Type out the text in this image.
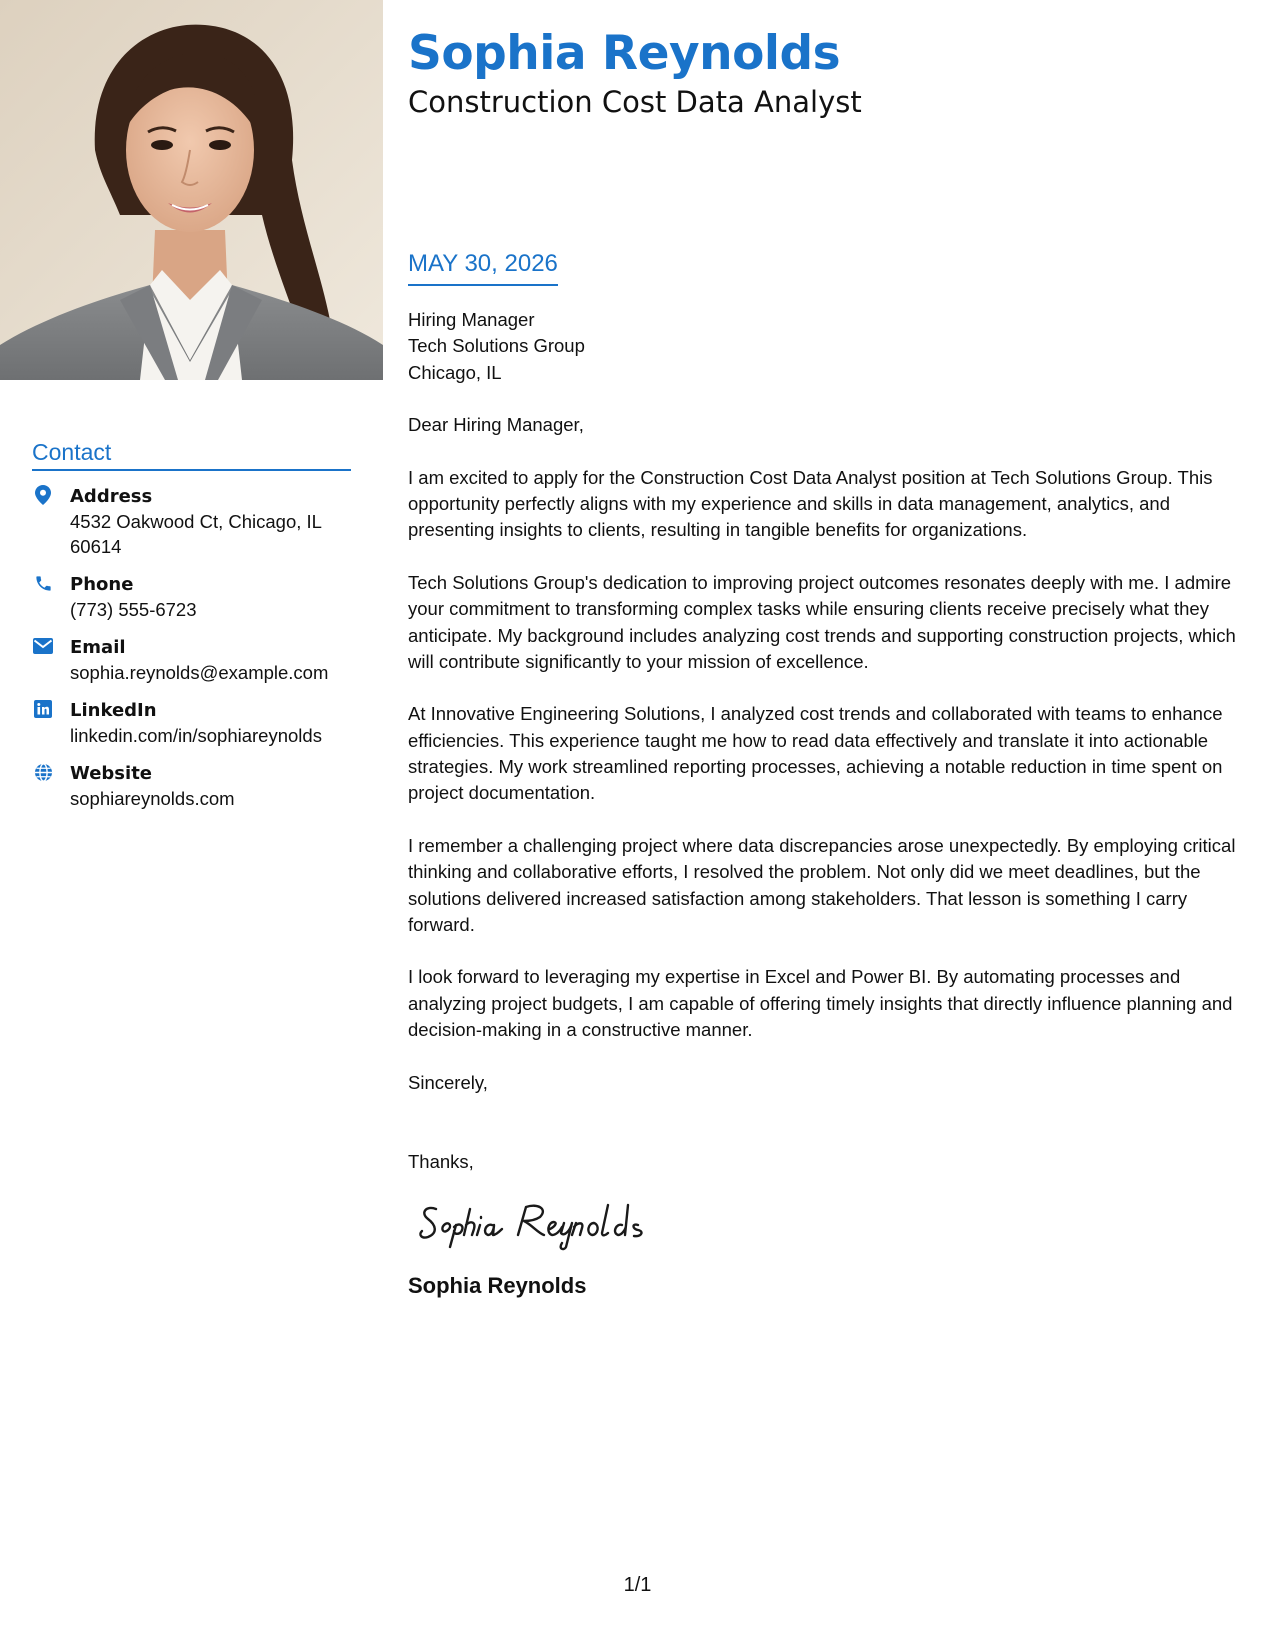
Sophia Reynolds
Construction Cost Data Analyst
Contact
Address
4532 Oakwood Ct, Chicago, IL 60614
Phone
(773) 555-6723
Email
sophia.reynolds@example.com
LinkedIn
linkedin.com/in/sophiareynolds
Website
sophiareynolds.com
MAY 30, 2026

Hiring Manager

Tech Solutions Group

Chicago, IL

Dear Hiring Manager,

I am excited to apply for the Construction Cost Data Analyst position at Tech Solutions Group. This opportunity perfectly aligns with my experience and skills in data management, analytics, and presenting insights to clients, resulting in tangible benefits for organizations.

Tech Solutions Group's dedication to improving project outcomes resonates deeply with me. I admire your commitment to transforming complex tasks while ensuring clients receive precisely what they anticipate. My background includes analyzing cost trends and supporting construction projects, which will contribute significantly to your mission of excellence.

At Innovative Engineering Solutions, I analyzed cost trends and collaborated with teams to enhance efficiencies. This experience taught me how to read data effectively and translate it into actionable strategies. My work streamlined reporting processes, achieving a notable reduction in time spent on project documentation.

I remember a challenging project where data discrepancies arose unexpectedly. By employing critical thinking and collaborative efforts, I resolved the problem. Not only did we meet deadlines, but the solutions delivered increased satisfaction among stakeholders. That lesson is something I carry forward.

I look forward to leveraging my expertise in Excel and Power BI. By automating processes and analyzing project budgets, I am capable of offering timely insights that directly influence planning and decision-making in a constructive manner.

Sincerely,

Thanks,

Sophia Reynolds

1/1
